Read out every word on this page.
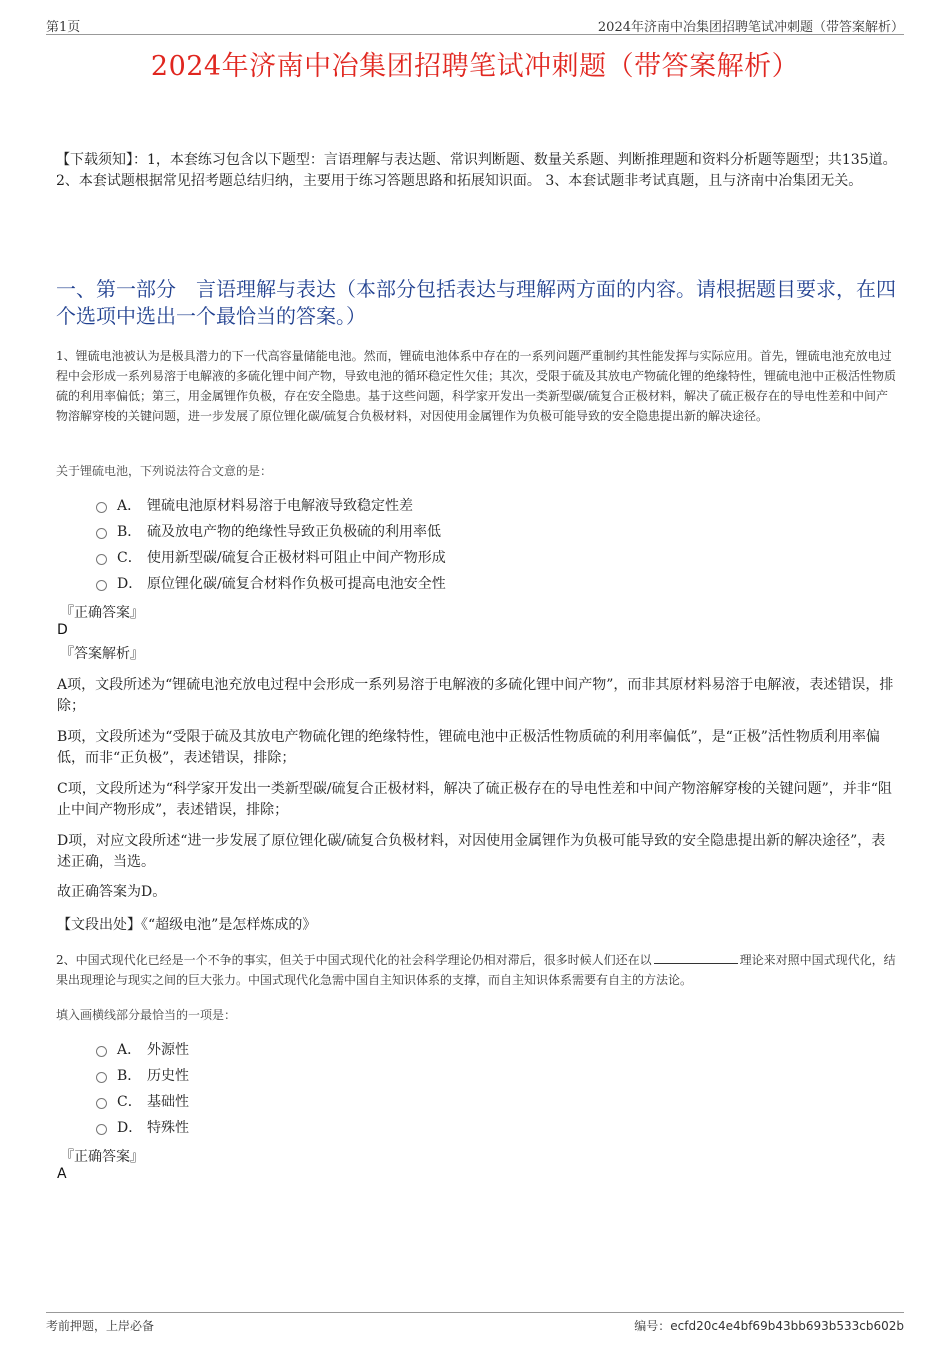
第1页	2024年济南中冶集团招聘笔试冲刺题（带答案解析）
2024年济南中冶集团招聘笔试冲刺题（带答案解析）
【下载须知】：1，本套练习包含以下题型：言语理解与表达题、常识判断题、数量关系题、判断推理题和资料分析题等题型；共135道。 2、本套试题根据常见招考题总结归纳，主要用于练习答题思路和拓展知识面。 3、本套试题非考试真题，且与济南中冶集团无关。
一、第一部分　言语理解与表达（本部分包括表达与理解两方面的内容。请根据题目要求，在四个选项中选出一个最恰当的答案。）
1、锂硫电池被认为是极具潜力的下一代高容量储能电池。然而，锂硫电池体系中存在的一系列问题严重制约其性能发挥与实际应用。首先，锂硫电池充放电过程中会形成一系列易溶于电解液的多硫化锂中间产物，导致电池的循环稳定性欠佳；其次，受限于硫及其放电产物硫化锂的绝缘特性，锂硫电池中正极活性物质硫的利用率偏低；第三，用金属锂作负极，存在安全隐患。基于这些问题，科学家开发出一类新型碳/硫复合正极材料，解决了硫正极存在的导电性差和中间产物溶解穿梭的关键问题，进一步发展了原位锂化碳/硫复合负极材料，对因使用金属锂作为负极可能导致的安全隐患提出新的解决途径。
关于锂硫电池，下列说法符合文意的是：
A． 锂硫电池原材料易溶于电解液导致稳定性差
B． 硫及放电产物的绝缘性导致正负极硫的利用率低
C． 使用新型碳/硫复合正极材料可阻止中间产物形成
D． 原位锂化碳/硫复合材料作负极可提高电池安全性
『正确答案』
D
『答案解析』
A项，文段所述为“锂硫电池充放电过程中会形成一系列易溶于电解液的多硫化锂中间产物”，而非其原材料易溶于电解液，表述错误，排除；
B项，文段所述为“受限于硫及其放电产物硫化锂的绝缘特性，锂硫电池中正极活性物质硫的利用率偏低”，是“正极”活性物质利用率偏低，而非“正负极”，表述错误，排除；
C项，文段所述为“科学家开发出一类新型碳/硫复合正极材料，解决了硫正极存在的导电性差和中间产物溶解穿梭的关键问题”，并非“阻止中间产物形成”，表述错误，排除；
D项，对应文段所述“进一步发展了原位锂化碳/硫复合负极材料，对因使用金属锂作为负极可能导致的安全隐患提出新的解决途径”，表述正确，当选。
故正确答案为D。
【文段出处】《“超级电池”是怎样炼成的》
2、中国式现代化已经是一个不争的事实，但关于中国式现代化的社会科学理论仍相对滞后，很多时候人们还在以	理论来对照中国式现代化，结果出现理论与现实之间的巨大张力。中国式现代化急需中国自主知识体系的支撑，而自主知识体系需要有自主的方法论。
填入画横线部分最恰当的一项是：
A． 外源性
B． 历史性
C． 基础性
D． 特殊性
『正确答案』
A
考前押题，上岸必备	编号：ecfd20c4e4bf69b43bb693b533cb602b
